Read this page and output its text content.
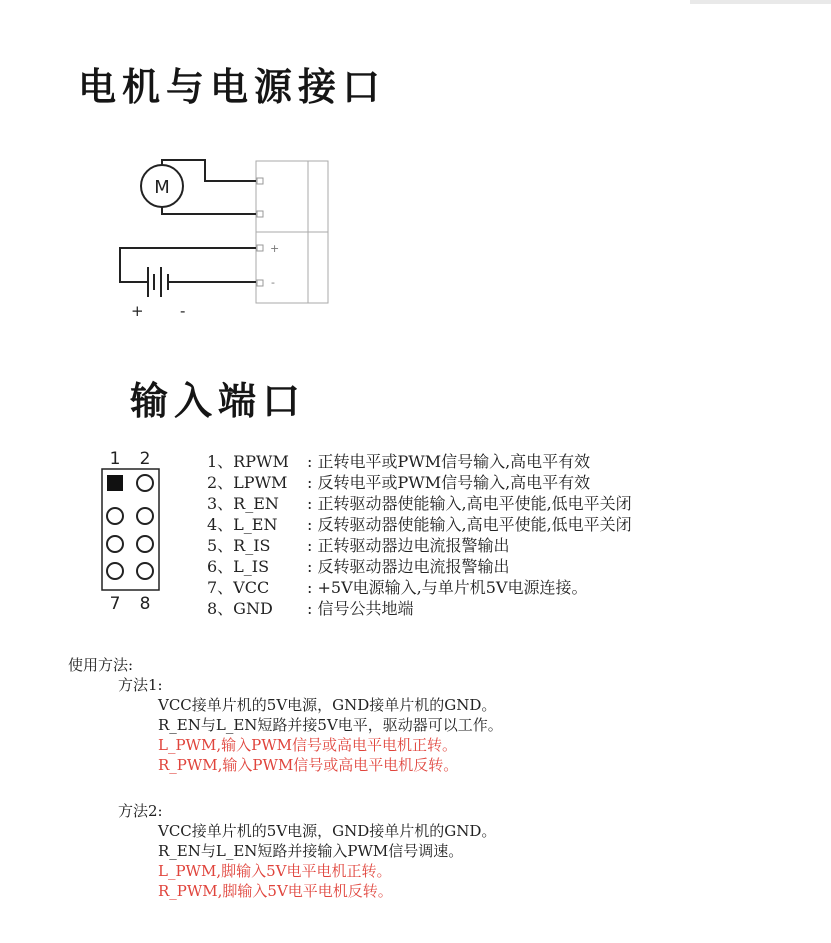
电机与电源接口
+
-
M
+ -
输入端口
1 2
7 8
1、RPWM : 正转电平或PWM信号输入,高电平有效
2、LPWM : 反转电平或PWM信号输入,高电平有效
3、R_EN : 正转驱动器使能输入,高电平使能,低电平关闭
4、L_EN : 反转驱动器使能输入,高电平使能,低电平关闭
5、R_IS : 正转驱动器边电流报警输出
6、L_IS : 反转驱动器边电流报警输出
7、VCC : +5V电源输入,与单片机5V电源连接。
8、GND : 信号公共地端
使用方法:
方法1:
VCC接单片机的5V电源，GND接单片机的GND。
R_EN与L_EN短路并接5V电平，驱动器可以工作。
L_PWM,输入PWM信号或高电平电机正转。
R_PWM,输入PWM信号或高电平电机反转。
方法2:
VCC接单片机的5V电源，GND接单片机的GND。
R_EN与L_EN短路并接输入PWM信号调速。
L_PWM,脚输入5V电平电机正转。
R_PWM,脚输入5V电平电机反转。
